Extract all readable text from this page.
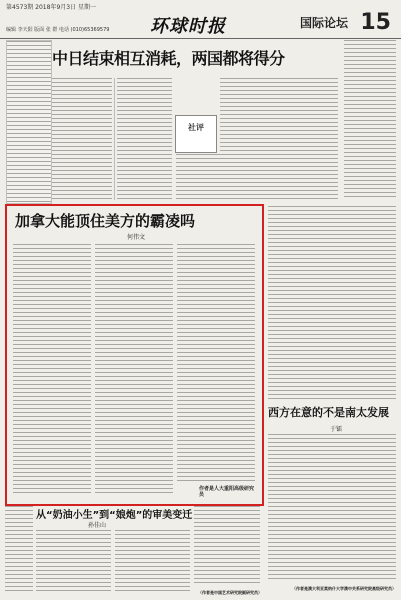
第4573期 2018年9月3日 星期一
环球时报	国际论坛 15
编辑 李天阳 版面 张 群 电话 (010)65369579
中日结束相互消耗，两国都将得分
社评
加拿大能顶住美方的霸凌吗
何伟文
作者是人大重阳高级研究员
西方在意的不是南太发展
于镭
（作者是澳大利亚莫纳什大学澳中关系研究院高级研究员）
从“奶油小生”到“娘炮”的审美变迁
孙佳山
（作者是中国艺术研究院副研究员）
